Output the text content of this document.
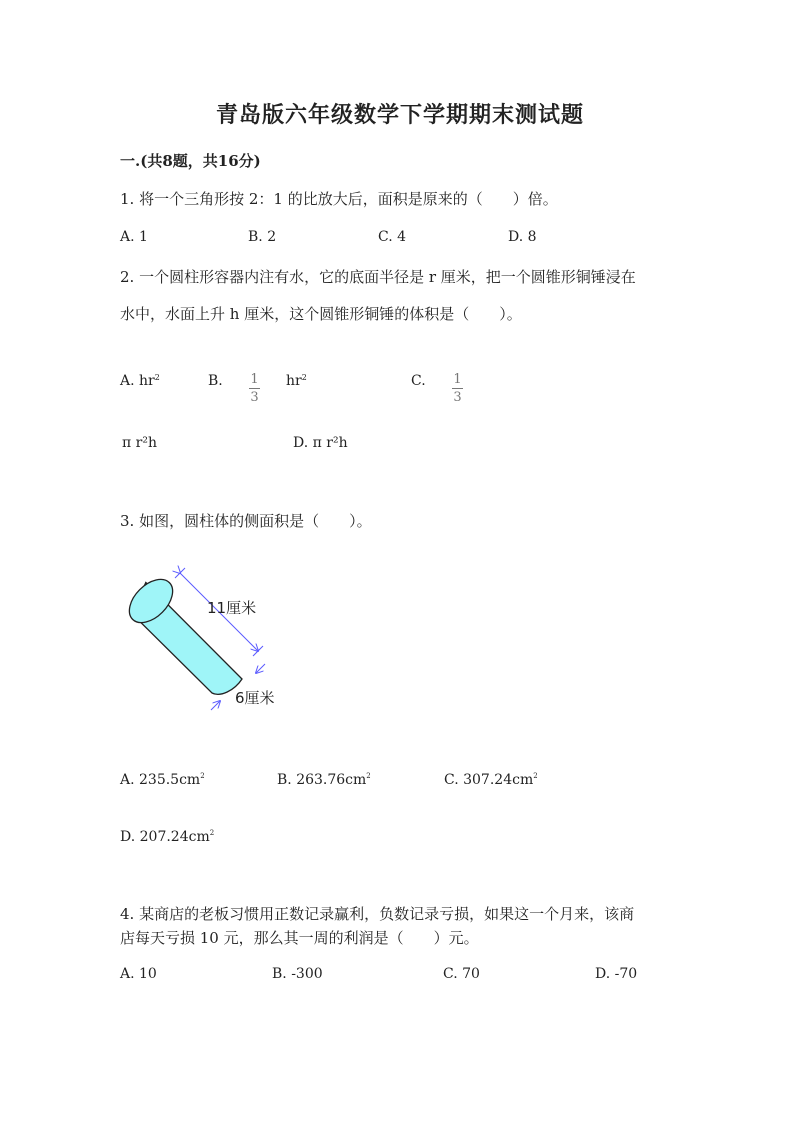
青岛版六年级数学下学期期末测试题
一.(共8题，共16分)
1. 将一个三角形按 2：1 的比放大后，面积是原来的（　　）倍。
A. 1	B. 2	C. 4	D. 8
2. 一个圆柱形容器内注有水，它的底面半径是 r 厘米，把一个圆锥形铜锤浸在
水中，水面上升 h 厘米，这个圆锥形铜锤的体积是（　　）。
A. $hr^2$	B. $\frac{1}{3} hr^2$	C. $\frac{1}{3}$
π r²h	D. π r²h
3. 如图，圆柱体的侧面积是（　　）。
11厘米
6厘米
A. $235.5cm^2$	B. $263.76cm^2$	C. $307.24cm^2$
D. $207.24cm^2$
4. 某商店的老板习惯用正数记录赢利，负数记录亏损，如果这一个月来，该商
店每天亏损 10 元，那么其一周的利润是（　　）元。
A. 10	B. -300	C. 70	D. -70
